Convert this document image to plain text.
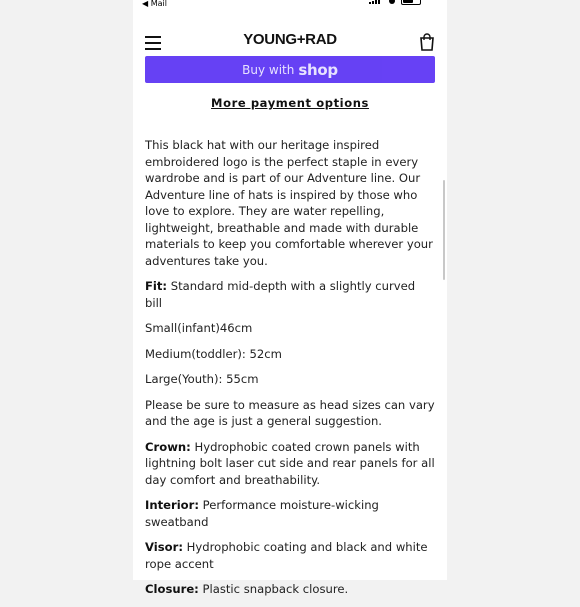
◀ Mail
YOUNG+RAD
Buy with shop
More payment options

This black hat with our heritage inspired embroidered logo is the perfect staple in every wardrobe and is part of our Adventure line. Our Adventure line of hats is inspired by those who love to explore. They are water repelling, lightweight, breathable and made with durable materials to keep you comfortable wherever your adventures take you.

Fit: Standard mid-depth with a slightly curved bill

Small(infant)46cm

Medium(toddler): 52cm

Large(Youth): 55cm

Please be sure to measure as head sizes can vary and the age is just a general suggestion.

Crown: Hydrophobic coated crown panels with lightning bolt laser cut side and rear panels for all day comfort and breathability.

Interior: Performance moisture-wicking sweatband

Visor: Hydrophobic coating and black and white rope accent

Closure: Plastic snapback closure.
